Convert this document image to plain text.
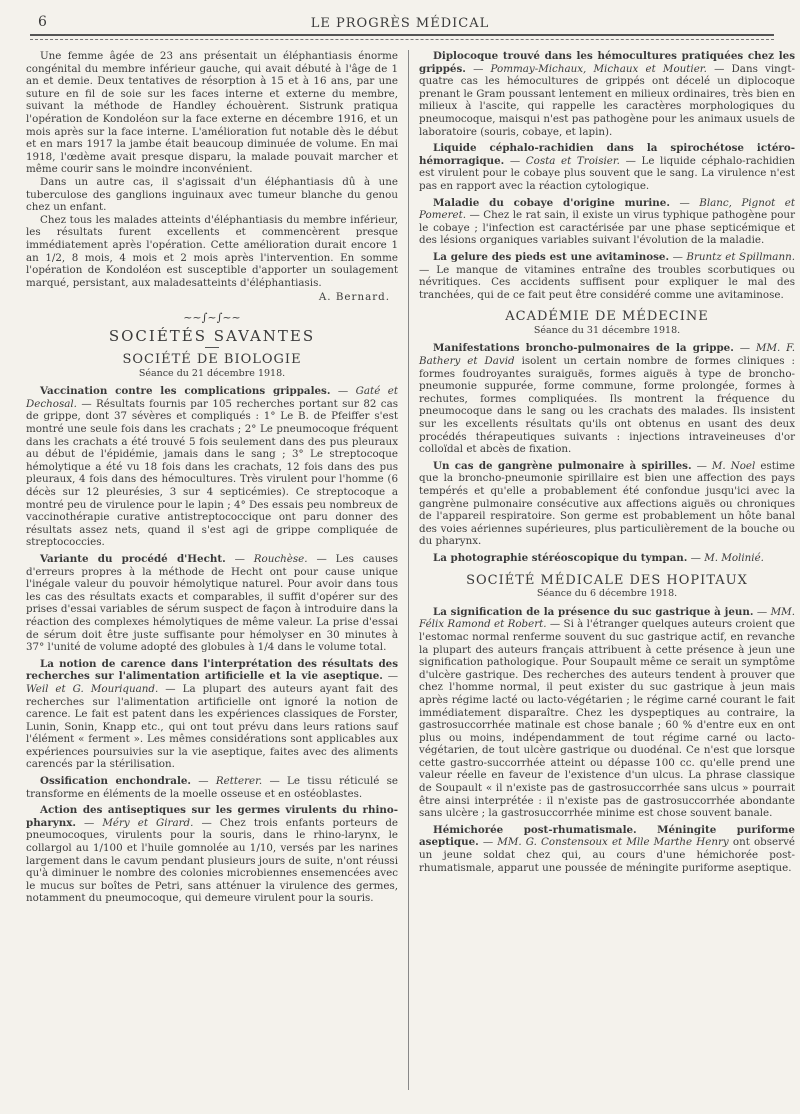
6	LE PROGRÈS MÉDICAL

Une femme âgée de 23 ans présentait un éléphantiasis énorme congénital du membre inférieur gauche, qui avait débuté à l'âge de 1 an et demie. Deux tentatives de résorption à 15 et à 16 ans, par une suture en fil de soie sur les faces interne et externe du membre, suivant la méthode de Handley échouèrent. Sistrunk pratiqua l'opération de Kondoléon sur la face externe en décembre 1916, et un mois après sur la face interne. L'amélioration fut notable dès le début et en mars 1917 la jambe était beaucoup diminuée de volume. En mai 1918, l'œdème avait presque disparu, la malade pouvait marcher et même courir sans le moindre inconvénient.

Dans un autre cas, il s'agissait d'un éléphantiasis dû à une tuberculose des ganglions inguinaux avec tumeur blanche du genou chez un enfant.

Chez tous les malades atteints d'éléphantiasis du membre inférieur, les résultats furent excellents et commencèrent presque immédiatement après l'opération. Cette amélioration durait encore 1 an 1/2, 8 mois, 4 mois et 2 mois après l'intervention. En somme l'opération de Kondoléon est susceptible d'apporter un soulagement marqué, persistant, aux maladesatteints d'éléphantiasis.

A. Bernard.
~~∫~∫~~
SOCIÉTÉS SAVANTES
SOCIÉTÉ DE BIOLOGIE
Séance du 21 décembre 1918.

Vaccination contre les complications grippales. — Gaté et Dechosal. — Résultats fournis par 105 recherches portant sur 82 cas de grippe, dont 37 sévères et compliqués : 1° Le B. de Pfeiffer s'est montré une seule fois dans les crachats ; 2° Le pneumocoque fréquent dans les crachats a été trouvé 5 fois seulement dans des pus pleuraux au début de l'épidémie, jamais dans le sang ; 3° Le streptocoque hémolytique a été vu 18 fois dans les crachats, 12 fois dans des pus pleuraux, 4 fois dans des hémocultures. Très virulent pour l'homme (6 décès sur 12 pleurésies, 3 sur 4 septicémies). Ce streptocoque a montré peu de virulence pour le lapin ; 4° Des essais peu nombreux de vaccinothérapie curative antistreptococcique ont paru donner des résultats assez nets, quand il s'est agi de grippe compliquée de streptococcies.

Variante du procédé d'Hecht. — Rouchèse. — Les causes d'erreurs propres à la méthode de Hecht ont pour cause unique l'inégale valeur du pouvoir hémolytique naturel. Pour avoir dans tous les cas des résultats exacts et comparables, il suffit d'opérer sur des prises d'essai variables de sérum suspect de façon à introduire dans la réaction des complexes hémolytiques de même valeur. La prise d'essai de sérum doit être juste suffisante pour hémolyser en 30 minutes à 37° l'unité de volume adopté des globules à 1/4 dans le volume total.

La notion de carence dans l'interprétation des résultats des recherches sur l'alimentation artificielle et la vie aseptique. — Weil et G. Mouriquand. — La plupart des auteurs ayant fait des recherches sur l'alimentation artificielle ont ignoré la notion de carence. Le fait est patent dans les expériences classiques de Forster, Lunin, Sonin, Knapp etc., qui ont tout prévu dans leurs rations sauf l'élément « ferment ». Les mêmes considérations sont applicables aux expériences poursuivies sur la vie aseptique, faites avec des aliments carencés par la stérilisation.

Ossification enchondrale. — Retterer. — Le tissu réticulé se transforme en éléments de la moelle osseuse et en ostéoblastes.

Action des antiseptiques sur les germes virulents du rhino-pharynx. — Méry et Girard. — Chez trois enfants porteurs de pneumocoques, virulents pour la souris, dans le rhino-larynx, le collargol au 1/100 et l'huile gomnolée au 1/10, versés par les narines largement dans le cavum pendant plusieurs jours de suite, n'ont réussi qu'à diminuer le nombre des colonies microbiennes ensemencées avec le mucus sur boîtes de Petri, sans atténuer la virulence des germes, notamment du pneumocoque, qui demeure virulent pour la souris.

Diplocoque trouvé dans les hémocultures pratiquées chez les grippés. — Pommay-Michaux, Michaux et Moutier. — Dans vingt-quatre cas les hémocultures de grippés ont décelé un diplocoque prenant le Gram poussant lentement en milieux ordinaires, très bien en milieux à l'ascite, qui rappelle les caractères morphologiques du pneumocoque, maisqui n'est pas pathogène pour les animaux usuels de laboratoire (souris, cobaye, et lapin).

Liquide céphalo-rachidien dans la spirochétose ictéro-hémorragique. — Costa et Troisier. — Le liquide céphalo-rachidien est virulent pour le cobaye plus souvent que le sang. La virulence n'est pas en rapport avec la réaction cytologique.

Maladie du cobaye d'origine murine. — Blanc, Pignot et Pomeret. — Chez le rat sain, il existe un virus typhique pathogène pour le cobaye ; l'infection est caractérisée par une phase septicémique et des lésions organiques variables suivant l'évolution de la maladie.

La gelure des pieds est une avitaminose. — Bruntz et Spillmann. — Le manque de vitamines entraîne des troubles scorbutiques ou névritiques. Ces accidents suffisent pour expliquer le mal des tranchées, qui de ce fait peut être considéré comme une avitaminose.

ACADÉMIE DE MÉDECINE
Séance du 31 décembre 1918.

Manifestations broncho-pulmonaires de la grippe. — MM. F. Bathery et David isolent un certain nombre de formes cliniques : formes foudroyantes suraiguës, formes aiguës à type de broncho-pneumonie suppurée, forme commune, forme prolongée, formes à rechutes, formes compliquées. Ils montrent la fréquence du pneumocoque dans le sang ou les crachats des malades. Ils insistent sur les excellents résultats qu'ils ont obtenus en usant des deux procédés thérapeutiques suivants : injections intraveineuses d'or colloïdal et abcès de fixation.

Un cas de gangrène pulmonaire à spirilles. — M. Noel estime que la broncho-pneumonie spirillaire est bien une affection des pays tempérés et qu'elle a probablement été confondue jusqu'ici avec la gangrène pulmonaire consécutive aux affections aiguës ou chroniques de l'appareil respiratoire. Son germe est probablement un hôte banal des voies aériennes supérieures, plus particulièrement de la bouche ou du pharynx.

La photographie stéréoscopique du tympan. — M. Molinié.

SOCIÉTÉ MÉDICALE DES HOPITAUX
Séance du 6 décembre 1918.

La signification de la présence du suc gastrique à jeun. — MM. Félix Ramond et Robert. — Si à l'étranger quelques auteurs croient que l'estomac normal renferme souvent du suc gastrique actif, en revanche la plupart des auteurs français attribuent à cette présence à jeun une signification pathologique. Pour Soupault même ce serait un symptôme d'ulcère gastrique. Des recherches des auteurs tendent à prouver que chez l'homme normal, il peut exister du suc gastrique à jeun mais après régime lacté ou lacto-végétarien ; le régime carné courant le fait immédiatement disparaître. Chez les dyspeptiques au contraire, la gastrosuccorrhée matinale est chose banale ; 60 % d'entre eux en ont plus ou moins, indépendamment de tout régime carné ou lacto-végétarien, de tout ulcère gastrique ou duodénal. Ce n'est que lorsque cette gastro-succorrhée atteint ou dépasse 100 cc. qu'elle prend une valeur réelle en faveur de l'existence d'un ulcus. La phrase classique de Soupault « il n'existe pas de gastrosuccorrhée sans ulcus » pourrait être ainsi interprétée : il n'existe pas de gastrosuccorrhée abondante sans ulcère ; la gastrosuccorrhée minime est chose souvent banale.

Hémichorée post-rhumatismale. Méningite puriforme aseptique. — MM. G. Constensoux et Mlle Marthe Henry ont observé un jeune soldat chez qui, au cours d'une hémichorée post-rhumatismale, apparut une poussée de méningite puriforme aseptique.
